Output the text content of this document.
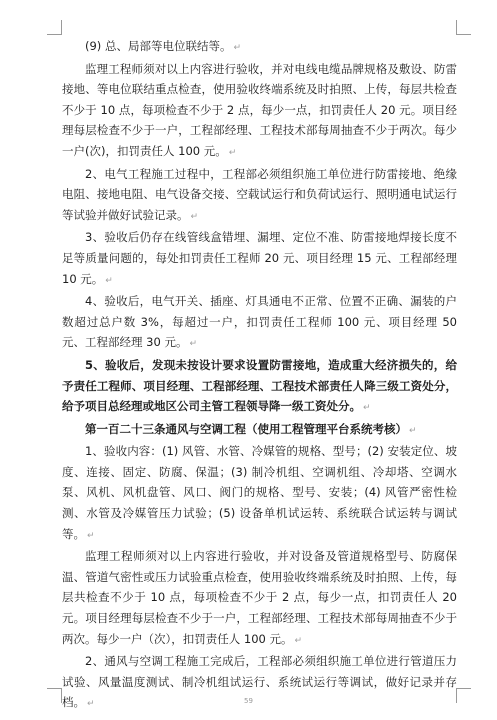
(9) 总、局部等电位联结等。 ↵

监理工程师须对以上内容进行验收，并对电线电缆品牌规格及敷设、防雷接地、等电位联结重点检查，使用验收终端系统及时拍照、上传，每层共检查不少于 10 点，每项检查不少于 2 点，每少一点，扣罚责任人 20 元。项目经理每层检查不少于一户，工程部经理、工程技术部每周抽查不少于两次。每少一户(次)，扣罚责任人 100 元。 ↵

2、电气工程施工过程中，工程部必须组织施工单位进行防雷接地、绝缘电阻、接地电阻、电气设备交接、空载试运行和负荷试运行、照明通电试运行等试验并做好试验记录。 ↵

3、验收后仍存在线管线盒错埋、漏埋、定位不准、防雷接地焊接长度不足等质量问题的，每处扣罚责任工程师 20 元、项目经理 15 元、工程部经理 10 元。 ↵

4、验收后，电气开关、插座、灯具通电不正常、位置不正确、漏装的户数超过总户数 3%，每超过一户，扣罚责任工程师 100 元、项目经理 50 元、工程部经理 30 元。 ↵

5、验收后，发现未按设计要求设置防雷接地，造成重大经济损失的，给予责任工程师、项目经理、工程部经理、工程技术部责任人降三级工资处分，给予项目总经理或地区公司主管工程领导降一级工资处分。 ↵

第一百二十三条通风与空调工程（使用工程管理平台系统考核） ↵

1、验收内容：(1) 风管、水管、冷媒管的规格、型号；(2) 安装定位、坡度、连接、固定、防腐、保温；(3) 制冷机组、空调机组、冷却塔、空调水泵、风机、风机盘管、风口、阀门的规格、型号、安装；(4) 风管严密性检测、水管及冷媒管压力试验；(5) 设备单机试运转、系统联合试运转与调试等。 ↵

监理工程师须对以上内容进行验收，并对设备及管道规格型号、防腐保温、管道气密性或压力试验重点检查，使用验收终端系统及时拍照、上传，每层共检查不少于 10 点，每项检查不少于 2 点，每少一点，扣罚责任人 20 元。项目经理每层检查不少于一户，工程部经理、工程技术部每周抽查不少于两次。每少一户（次），扣罚责任人 100 元。 ↵

2、通风与空调工程施工完成后，工程部必须组织施工单位进行管道压力试验、风量温度测试、制冷机组试运行、系统试运行等调试，做好记录并存档。 ↵	59
